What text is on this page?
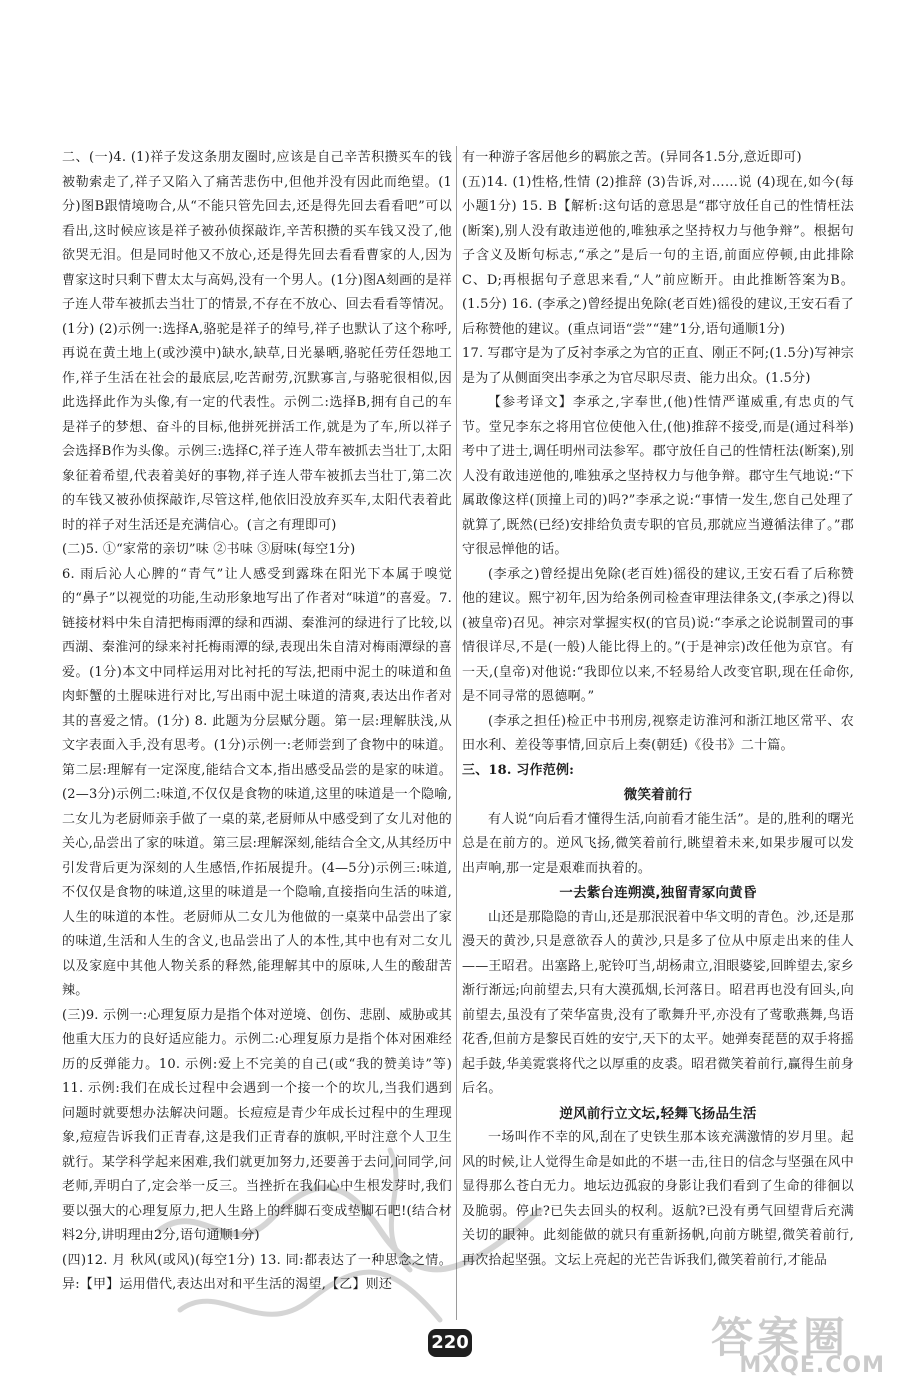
二、(一)4. (1)祥子发这条朋友圈时,应该是自己辛苦积攒买车的钱被勒索走了,祥子又陷入了痛苦悲伤中,但他并没有因此而绝望。(1分)图B跟情境吻合,从“不能只管先回去,还是得先回去看看吧”可以看出,这时候应该是祥子被孙侦探敲诈,辛苦积攒的买车钱又没了,他欲哭无泪。但是同时他又不放心,还是得先回去看看曹家的人,因为曹家这时只剩下曹太太与高妈,没有一个男人。(1分)图A刻画的是祥子连人带车被抓去当壮丁的情景,不存在不放心、回去看看等情况。(1分) (2)示例一:选择A,骆驼是祥子的绰号,祥子也默认了这个称呼,再说在黄土地上(或沙漠中)缺水,缺草,日光暴晒,骆驼任劳任怨地工作,祥子生活在社会的最底层,吃苦耐劳,沉默寡言,与骆驼很相似,因此选择此作为头像,有一定的代表性。示例二:选择B,拥有自己的车是祥子的梦想、奋斗的目标,他拼死拼活工作,就是为了车,所以祥子会选择B作为头像。示例三:选择C,祥子连人带车被抓去当壮丁,太阳象征着希望,代表着美好的事物,祥子连人带车被抓去当壮丁,第二次的车钱又被孙侦探敲诈,尽管这样,他依旧没放弃买车,太阳代表着此时的祥子对生活还是充满信心。(言之有理即可)

(二)5. ①“家常的亲切”味 ②书味 ③厨味(每空1分)

6. 雨后沁人心脾的“青气”让人感受到露珠在阳光下本属于嗅觉的“鼻子”以视觉的功能,生动形象地写出了作者对“味道”的喜爱。7. 链接材料中朱自清把梅雨潭的绿和西湖、秦淮河的绿进行了比较,以西湖、秦淮河的绿来衬托梅雨潭的绿,表现出朱自清对梅雨潭绿的喜爱。(1分)本文中同样运用对比衬托的写法,把雨中泥土的味道和鱼肉虾蟹的土腥味进行对比,写出雨中泥土味道的清爽,表达出作者对其的喜爱之情。(1分) 8. 此题为分层赋分题。第一层:理解肤浅,从文字表面入手,没有思考。(1分)示例一:老师尝到了食物中的味道。第二层:理解有一定深度,能结合文本,指出感受品尝的是家的味道。(2—3分)示例二:味道,不仅仅是食物的味道,这里的味道是一个隐喻,二女儿为老厨师亲手做了一桌的菜,老厨师从中感受到了女儿对他的关心,品尝出了家的味道。第三层:理解深刻,能结合全文,从其经历中引发背后更为深刻的人生感悟,作拓展提升。(4—5分)示例三:味道,不仅仅是食物的味道,这里的味道是一个隐喻,直接指向生活的味道,人生的味道的本性。老厨师从二女儿为他做的一桌菜中品尝出了家的味道,生活和人生的含义,也品尝出了人的本性,其中也有对二女儿以及家庭中其他人物关系的释然,能理解其中的原味,人生的酸甜苦辣。

(三)9. 示例一:心理复原力是指个体对逆境、创伤、悲剧、威胁或其他重大压力的良好适应能力。示例二:心理复原力是指个体对困难经历的反弹能力。10. 示例:爱上不完美的自己(或“我的赞美诗”等) 11. 示例:我们在成长过程中会遇到一个接一个的坎儿,当我们遇到问题时就要想办法解决问题。长痘痘是青少年成长过程中的生理现象,痘痘告诉我们正青春,这是我们正青春的旗帜,平时注意个人卫生就行。某学科学起来困难,我们就更加努力,还要善于去问,问同学,问老师,弄明白了,定会举一反三。当挫折在我们心中生根发芽时,我们要以强大的心理复原力,把人生路上的绊脚石变成垫脚石吧!(结合材料2分,讲明理由2分,语句通顺1分)

(四)12. 月 秋风(或风)(每空1分) 13. 同:都表达了一种思念之情。异:【甲】运用借代,表达出对和平生活的渴望,【乙】则还

有一种游子客居他乡的羁旅之苦。(异同各1.5分,意近即可)

(五)14. (1)性格,性情 (2)推辞 (3)告诉,对……说 (4)现在,如今(每小题1分) 15. B【解析:这句话的意思是“郡守放任自己的性情枉法(断案),别人没有敢违逆他的,唯独承之坚持权力与他争辩”。根据句子含义及断句标志,“承之”是后一句的主语,前面应停顿,由此排除C、D;再根据句子意思来看,“人”前应断开。由此推断答案为B。(1.5分) 16. (李承之)曾经提出免除(老百姓)徭役的建议,王安石看了后称赞他的建议。(重点词语“尝”“建”1分,语句通顺1分)

17. 写郡守是为了反衬李承之为官的正直、刚正不阿;(1.5分)写神宗是为了从侧面突出李承之为官尽职尽责、能力出众。(1.5分)

【参考译文】李承之,字奉世,(他)性情严谨威重,有忠贞的气节。堂兄李东之将用官位使他入仕,(他)推辞不接受,而是(通过科举)考中了进士,调任明州司法参军。郡守放任自己的性情枉法(断案),别人没有敢违逆他的,唯独承之坚持权力与他争辩。郡守生气地说:“下属敢像这样(顶撞上司的)吗?”李承之说:“事情一发生,您自己处理了就算了,既然(已经)安排给负责专职的官员,那就应当遵循法律了。”郡守很忌惮他的话。

(李承之)曾经提出免除(老百姓)徭役的建议,王安石看了后称赞他的建议。熙宁初年,因为给条例司检查审理法律条文,(李承之)得以(被皇帝)召见。神宗对掌握实权(的官员)说:“李承之论说制置司的事情很详尽,不是(一般)人能比得上的。”(于是神宗)改任他为京官。有一天,(皇帝)对他说:“我即位以来,不轻易给人改变官职,现在任命你,是不同寻常的恩德啊。”

(李承之担任)检正中书刑房,视察走访淮河和浙江地区常平、农田水利、差役等事情,回京后上奏(朝廷)《役书》二十篇。

三、18. 习作范例:

微笑着前行

有人说“向后看才懂得生活,向前看才能生活”。是的,胜利的曙光总是在前方的。逆风飞扬,微笑着前行,眺望着未来,如果步履可以发出声响,那一定是艰难而执着的。

一去紫台连朔漠,独留青冢向黄昏

山还是那隐隐的青山,还是那泯泯着中华文明的青色。沙,还是那漫天的黄沙,只是意欲吞人的黄沙,只是多了位从中原走出来的佳人——王昭君。出塞路上,驼铃叮当,胡杨肃立,泪眼婆娑,回眸望去,家乡渐行渐远;向前望去,只有大漠孤烟,长河落日。昭君再也没有回头,向前望去,虽没有了荣华富贵,没有了歌舞升平,亦没有了莺歌燕舞,鸟语花香,但前方是黎民百姓的安宁,天下的太平。她弹奏琵琶的双手将摇起手鼓,华美霓裳将代之以厚重的皮裘。昭君微笑着前行,赢得生前身后名。

逆风前行立文坛,轻舞飞扬品生活

一场叫作不幸的风,刮在了史铁生那本该充满激情的岁月里。起风的时候,让人觉得生命是如此的不堪一击,往日的信念与坚强在风中显得那么苍白无力。地坛边孤寂的身影让我们看到了生命的徘徊以及脆弱。停止?已失去回头的权利。返航?已没有勇气回望背后充满关切的眼神。此刻能做的就只有重新扬帆,向前方眺望,微笑着前行,再次拾起坚强。文坛上亮起的光芒告诉我们,微笑着前行,才能品

220	答案圈
MXQE.COM
